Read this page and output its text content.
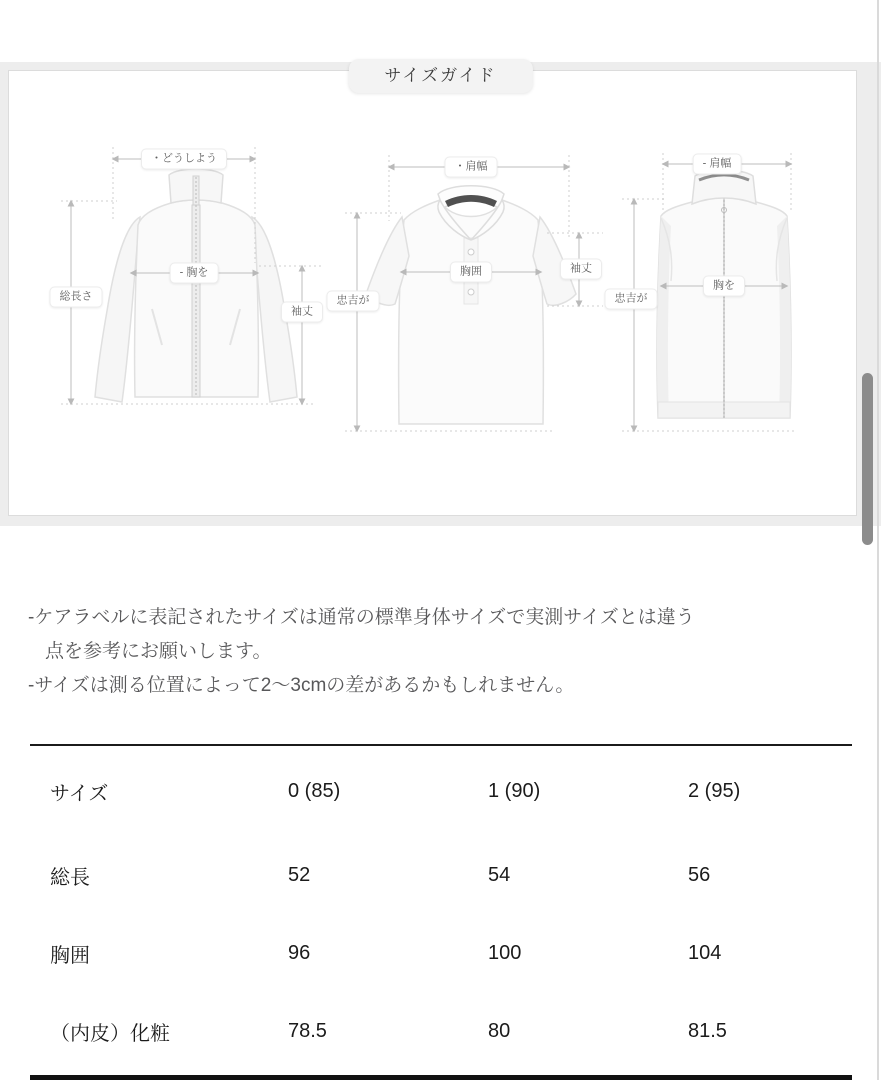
サイズガイド
・どうしよう
総長さ
- 胸を
袖丈
・肩幅
忠吉が
胸囲	袖丈
- 肩幅
忠吉が
胸を
-ケアラベルに表記されたサイズは通常の標準身体サイズで実測サイズとは違う
点を参考にお願いします。
-サイズは測る位置によって2～3cmの差があるかもしれません。
サイズ	0 (85)	1 (90)	2 (95)
総長	52	54	56
胸囲	96	100	104
（内皮）化粧	78.5	80	81.5
